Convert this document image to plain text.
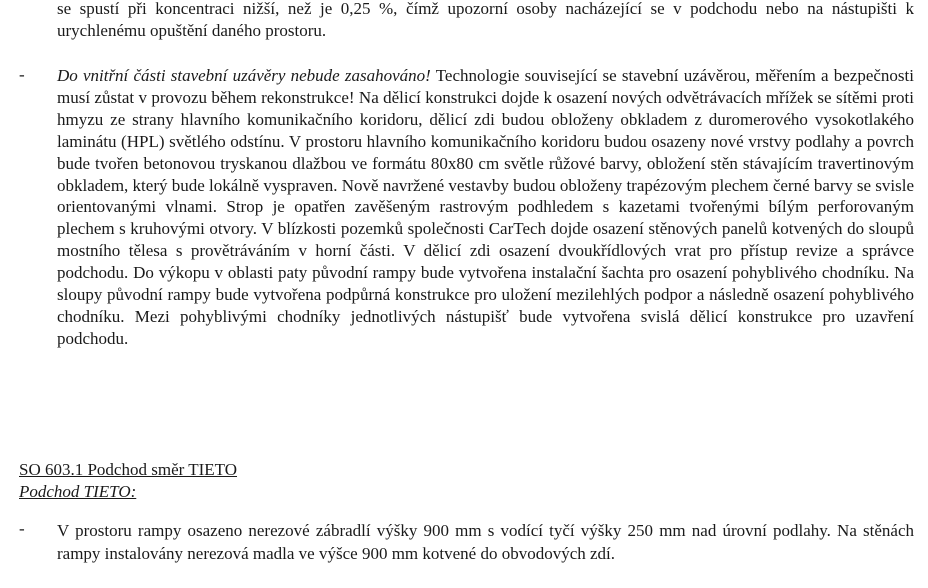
se spustí při koncentraci nižší, než je 0,25 %, čímž upozorní osoby nacházející se v podchodu nebo na nástupišti k urychlenému opuštění daného prostoru.
-	Do vnitřní části stavební uzávěry nebude zasahováno! Technologie související se stavební uzávěrou, měřením a bezpečnosti musí zůstat v provozu během rekonstrukce! Na dělicí konstrukci dojde k osazení nových odvětrávacích mřížek se sítěmi proti hmyzu ze strany hlavního komunikačního koridoru, dělicí zdi budou obloženy obkladem z duromerového vysokotlakého laminátu (HPL) světlého odstínu. V prostoru hlavního komunikačního koridoru budou osazeny nové vrstvy podlahy a povrch bude tvořen betonovou tryskanou dlažbou ve formátu 80x80 cm světle růžové barvy, obložení stěn stávajícím travertinovým obkladem, který bude lokálně vyspraven. Nově navržené vestavby budou obloženy trapézovým plechem černé barvy se svisle orientovanými vlnami. Strop je opatřen zavěšeným rastrovým podhledem s kazetami tvořenými bílým perforovaným plechem s kruhovými otvory. V blízkosti pozemků společnosti CarTech dojde osazení stěnových panelů kotvených do sloupů mostního tělesa s provětráváním v horní části. V dělicí zdi osazení dvoukřídlových vrat pro přístup revize a správce podchodu. Do výkopu v oblasti paty původní rampy bude vytvořena instalační šachta pro osazení pohyblivého chodníku. Na sloupy původní rampy bude vytvořena podpůrná konstrukce pro uložení mezilehlých podpor a následně osazení pohyblivého chodníku. Mezi pohyblivými chodníky jednotlivých nástupišť bude vytvořena svislá dělicí konstrukce pro uzavření podchodu.
SO 603.1 Podchod směr TIETO
Podchod TIETO:
-	V prostoru rampy osazeno nerezové zábradlí výšky 900 mm s vodící tyčí výšky 250 mm nad úrovní podlahy. Na stěnách rampy instalovány nerezová madla ve výšce 900 mm kotvené do obvodových zdí.
